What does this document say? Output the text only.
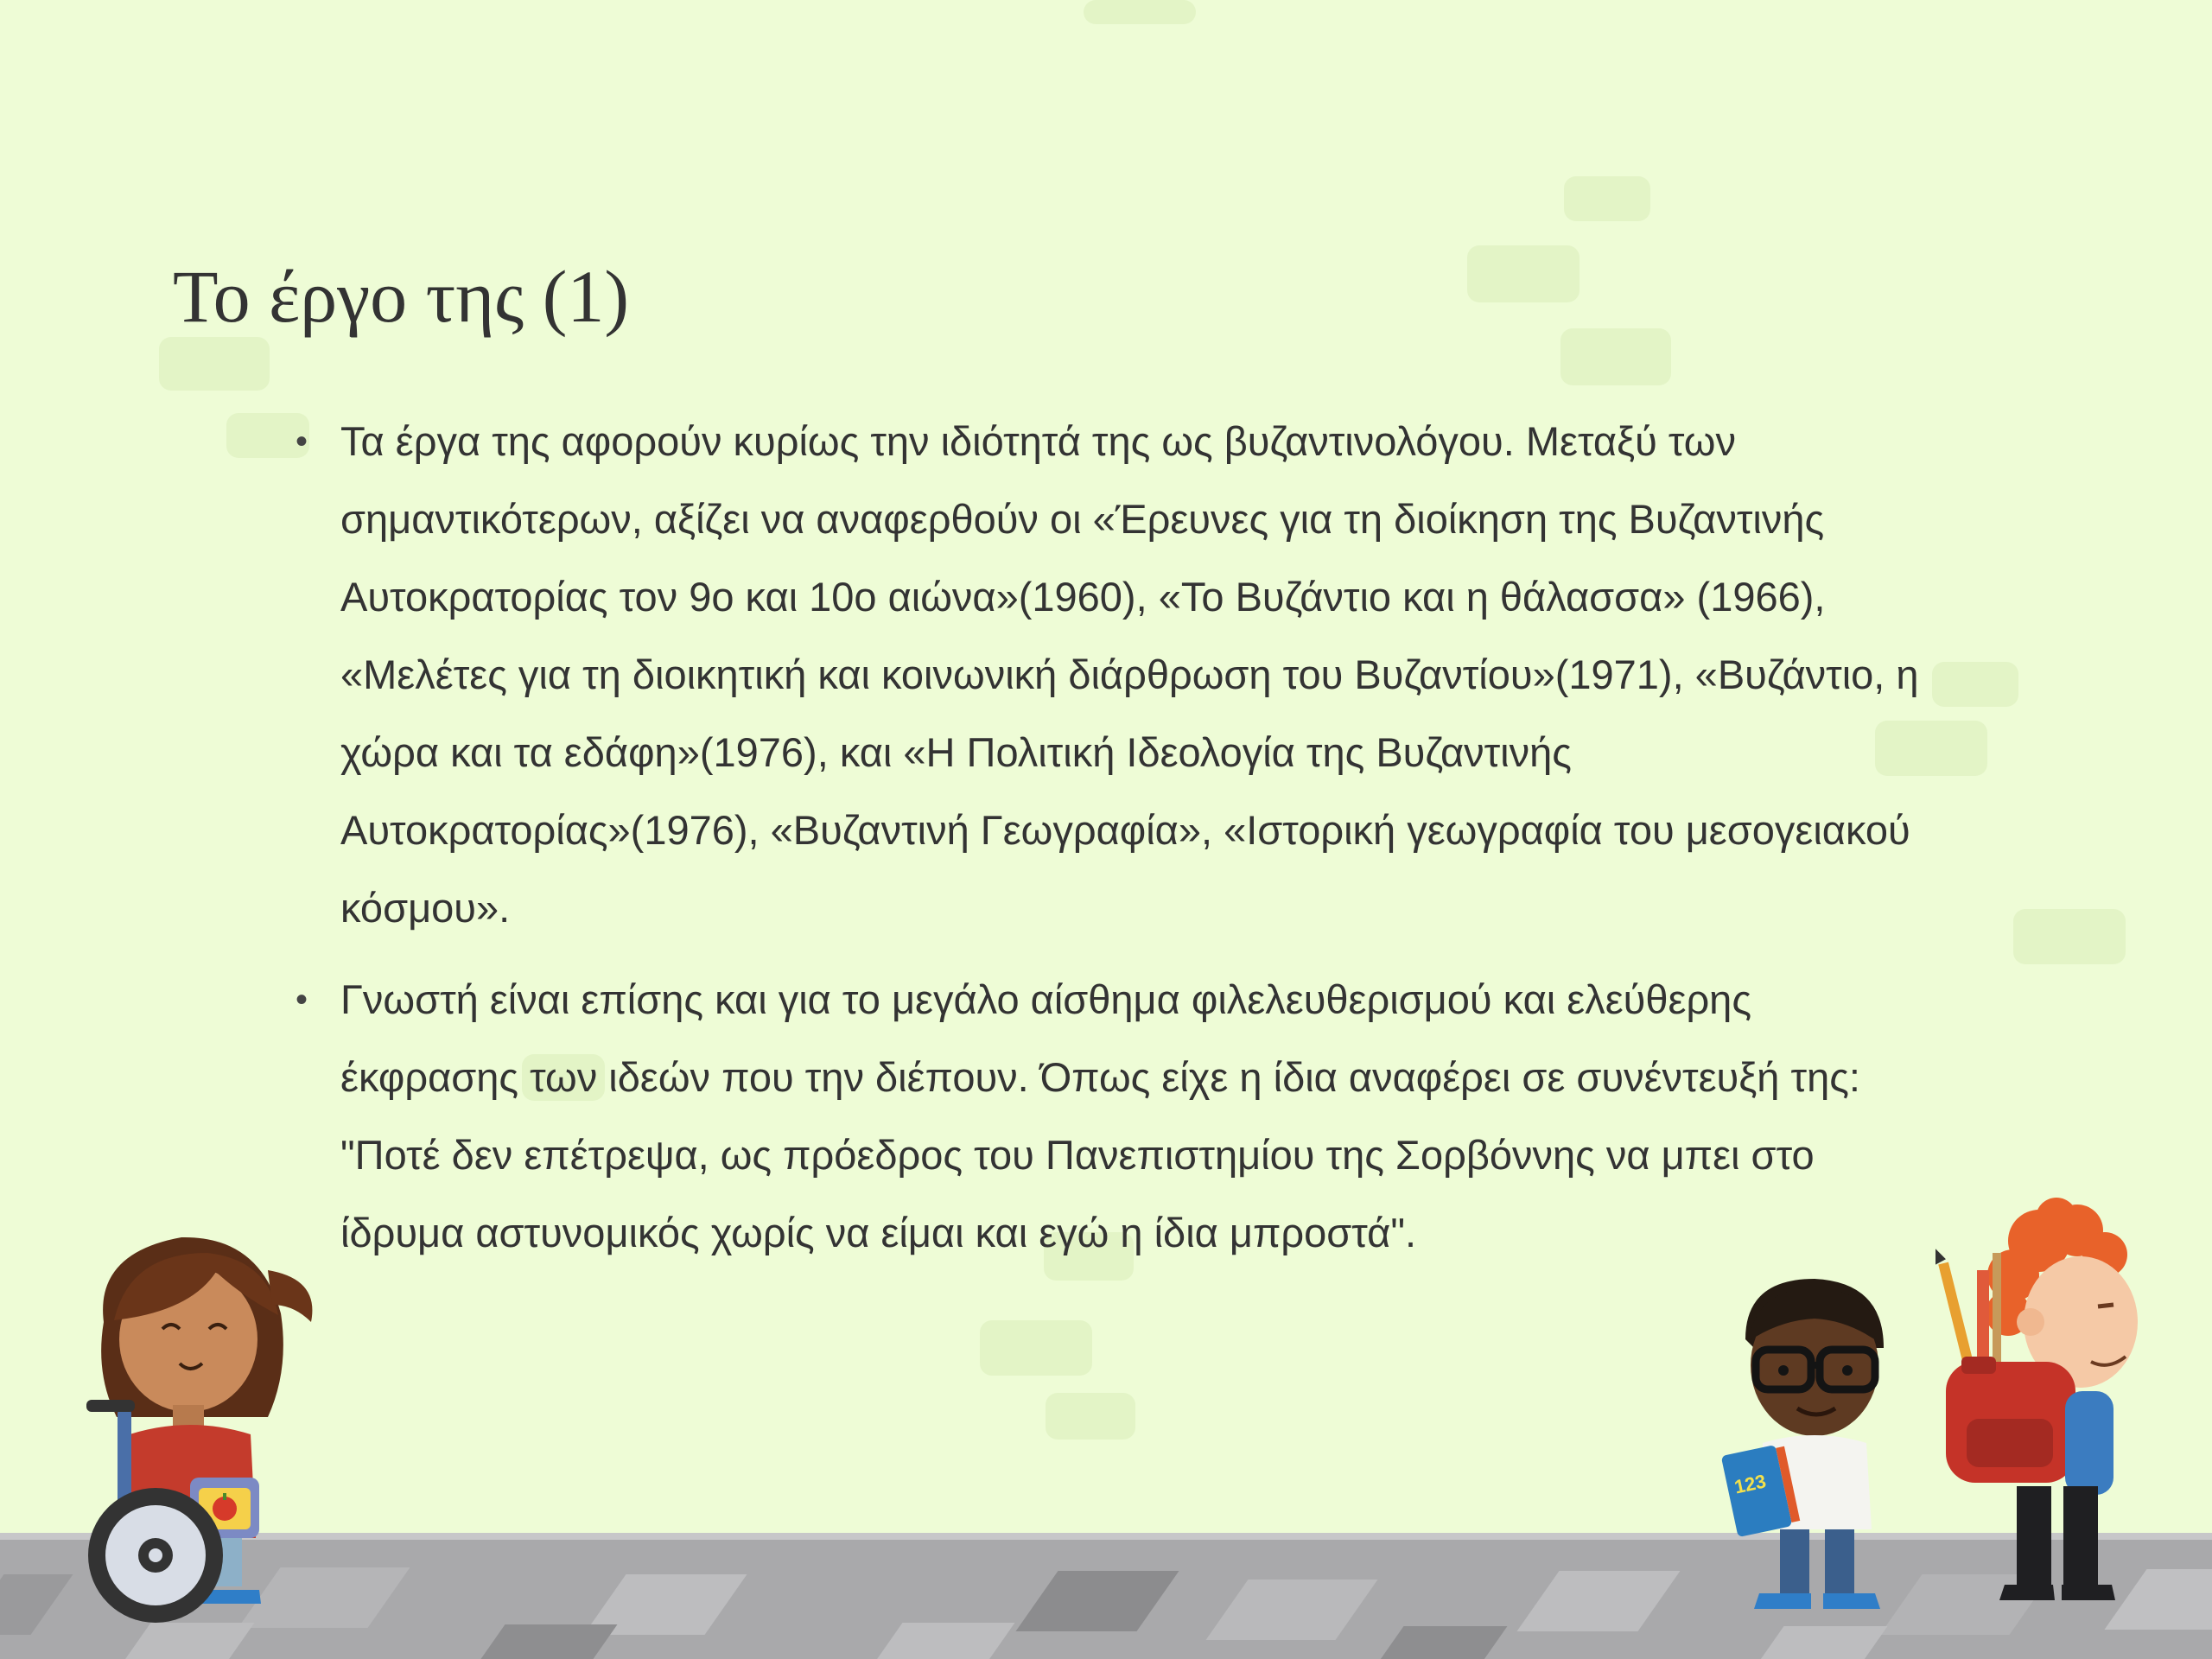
Το έργο της (1)
• Τα έργα της αφορούν κυρίως την ιδιότητά της ως βυζαντινολόγου. Μεταξύ των σημαντικότερων, αξίζει να αναφερθούν οι «Έρευνες για τη διοίκηση της Βυζαντινής Αυτοκρατορίας τον 9ο και 10ο αιώνα»(1960), «Το Βυζάντιο και η θάλασσα» (1966), «Μελέτες για τη διοικητική και κοινωνική διάρθρωση του Βυζαντίου»(1971), «Βυζάντιο, η χώρα και τα εδάφη»(1976), και «Η Πολιτική Ιδεολογία της Βυζαντινής Αυτοκρατορίας»(1976), «Βυζαντινή Γεωγραφία», «Ιστορική γεωγραφία του μεσογειακού κόσμου».
• Γνωστή είναι επίσης και για το μεγάλο αίσθημα φιλελευθερισμού και ελεύθερης έκφρασης των ιδεών που την διέπουν. Όπως είχε η ίδια αναφέρει σε συνέντευξή της: "Ποτέ δεν επέτρεψα, ως πρόεδρος του Πανεπιστημίου της Σορβόννης να μπει στο ίδρυμα αστυνομικός χωρίς να είμαι και εγώ η ίδια μπροστά".
123
